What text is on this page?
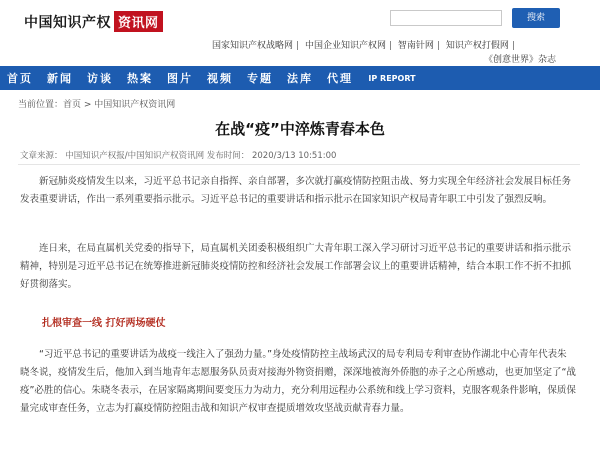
中国知识产权 资讯网	搜索
国家知识产权战略网 | 中国企业知识产权网 | 智南针网 | 知识产权打假网 |
《创意世界》杂志
首页	新闻	访谈	热案	图片	视频	专题	法库	代理	IP REPORT
当前位置：首页 > 中国知识产权资讯网
在战“疫”中淬炼青春本色
文章来源： 中国知识产权报/中国知识产权资讯网 发布时间： 2020/3/13 10:51:00
新冠肺炎疫情发生以来，习近平总书记亲自指挥、亲自部署，多次就打赢疫情防控阻击战、努力实现全年经济社会发展目标任务发表重要讲话，作出一系列重要指示批示。习近平总书记的重要讲话和指示批示在国家知识产权局青年职工中引发了强烈反响。
连日来，在局直属机关党委的指导下，局直属机关团委积极组织广大青年职工深入学习研讨习近平总书记的重要讲话和指示批示精神，特别是习近平总书记在统筹推进新冠肺炎疫情防控和经济社会发展工作部署会议上的重要讲话精神，结合本职工作不折不扣抓好贯彻落实。
扎根审查一线 打好两场硬仗
“习近平总书记的重要讲话为战疫一线注入了强劲力量。”身处疫情防控主战场武汉的局专利局专利审查协作湖北中心青年代表朱晓冬说，疫情发生后，他加入到当地青年志愿服务队员责对接海外物资捐赠，深深地被海外侨胞的赤子之心所感动，也更加坚定了“战疫”必胜的信心。朱晓冬表示，在居家隔离期间要变压力为动力，充分利用远程办公系统和线上学习资料，克服客观条件影响，保质保量完成审查任务，立志为打赢疫情防控阻击战和知识产权审查提质增效攻坚战贡献青春力量。
